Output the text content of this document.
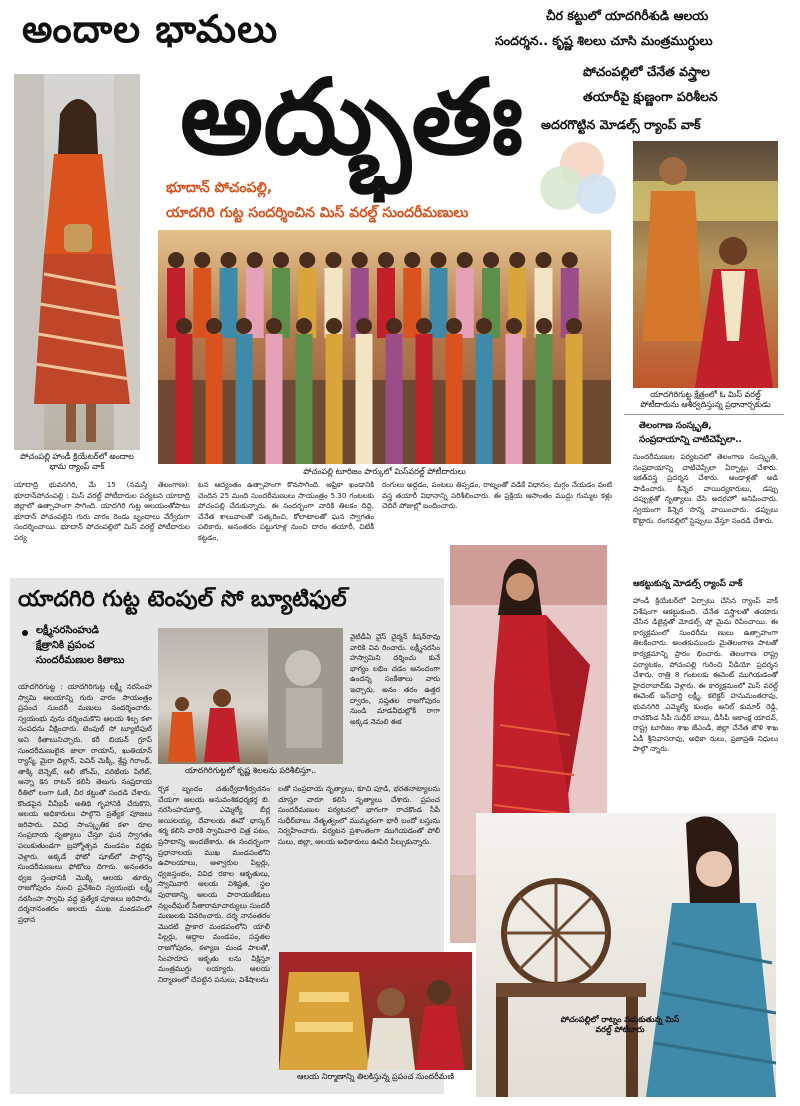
అందాల భామలు
అద్భుతః
భూదాన్ పోచంపల్లి,
యాదగిరి గుట్ట సందర్శించిన మిస్ వరల్డ్ సుందరీమణులు
చీర కట్టులో యాదగిరీశుడి ఆలయ
సందర్శన.. కృష్ణ శిలలు చూసి మంత్రముగ్ధులు
పోచంపల్లిలో చేనేత వస్త్రాల
తయారీపై క్షుణ్ణంగా పరిశీలన
అదరగొట్టిన మోడల్స్ ర్యాంప్ వాక్
పోచంపల్లి హాండీ క్రియేటర్‌లో అందాల భామ ర్యాంప్ వాక్
పోచంపల్లి టూరిజం పార్కులో మిస్‌వరల్డ్ పోటీదారులు
యాదగిరిగుట్ట క్షేత్రంలో ఓ మిస్ వరల్డ్ పోటీదారును ఆశీర్వదిస్తున్న ప్రధానార్చకుడు
యాదాద్రి భువనగిరి, మే 15 (నమస్తే తెలంగాణ): భూదాన్‌పోచంపల్లి : మిస్ వరల్డ్ పోటీదారుల పర్యటన యాదాద్రి జిల్లాలో ఉత్సాహంగా సాగింది. యాదగిరి గుట్ట ఆలయంతోపాటు భూదాన్ పోచంపల్లిని గురు వారం రెండు బృందాలు వేర్వేరుగా సందర్శించాయి. భూదాన్ పోచంపల్లిలో మిస్ వరల్డ్ పోటీదారుల పర్య
టన ఆద్యంతం ఉత్సాహంగా కొనసాగింది. ఆఫ్రికా ఖండానికి చెందిన 25 మంది సుందరీమణులు సాయంత్రం 5.30 గంటలకు పోచంపల్లి చేరుకున్నారు. ఈ సందర్భంగా వారికి తిలకం దిద్ది, చేనేత శాలువాలతో సత్కరించి, కోలాటాలతో ఘన స్వాగతం పలికారు. అనంతరం పట్టుగూళ్ల నుంచి దారం తయారీ, చిటికీ కట్టడం,
రంగులు అద్దడం, పంటలు తిప్పడం, రాట్నంతో వడికే విధానం, మగ్గం నేయడం వంటి వస్త్ర తయారీ విధానాన్ని పరిశీలించారు. ఈ ప్రక్రియ ఆసాంతం ముద్దు గుమ్మల కళ్లు చెదిరే పోజుల్లో బందించారు.
తెలంగాణ సంస్కృతి,
సంప్రదాయాన్ని చాటిచెప్పేలా..
సుందరీమణుల పర్యటనలో తెలంగాణ సంస్కృతి, సంప్రదాయాన్ని చాటిచెప్పేలా ఏర్పాట్లు చేశారు. ఇకత్‌వస్త్ర ప్రదర్శన చేశారు. ఆండాళ్లతో అడి పాడించారు. కిన్నెర వాయిద్యకారులు, డప్పు చప్పుళ్లతో నృత్యాలు చేసి అదరహో అనిపించారు. స్వయంగా కిన్నెర సొన్ని వాయించారు. డప్పులు కొట్టారు. రంగవల్లిలో స్టెప్పులు వేస్తూ సందడి చేశారు.
ఆకట్టుకున్న మోడల్స్ ర్యాంప్ వాక్
హాండీ క్రియేటర్‌లో ఏర్పాటు చేసిన ర్యాంప్ వాక్ విశేషంగా ఆకట్టుకుంది. చేనేత వస్త్రాలతో తయారు చేసిన డిజైన్లతో మోడల్స్ షో మైమ రిపించాయి. ఈ కార్యక్రమంలో సుందరీమ ణులు ఉత్సాహంగా తిలకించారు. అంతకుముందు మైతెలంగాణ పాటతో కార్యక్రమాన్ని ప్రారం భించారు. తెలంగాణ రాష్ట్ర పర్యాటకం, పోచంపల్లి గురించి వీడియో ప్రదర్శన చేశారు. రాత్రి 8 గంటలకు ఈవెంట్ ముగియడంతో హైదరాబాద్‌కు వెళ్లారు. ఈ కార్యక్రమంలో మిస్ వరల్డ్ ఈవెంట్ ఇన్‌చార్జి లక్ష్మీ, కలెక్టర్ హనుమంతరావు, భువనగిరి ఎమ్మెల్యే కుంభం అనిల్ కుమార్ రెడ్డి, రాచకొండ సీపీ సుధీర్ బాబు, డీసీపీ ఆకాంక్ష యాదవ్, రాష్ట్ర టూరిజం శాఖ జేఎండీ, జిల్లా చేనేత జౌళి శాఖ ఏడీ శ్రీనివాసరావు, అధికా రులు, ప్రజాప్రతి నిధులు పాల్గొ న్నారు.
యాదగిరి గుట్ట టెంపుల్ సో బ్యూటిఫుల్
లక్ష్మీనరసింహుడి
క్షేత్రానికి ప్రపంచ
సుందరీమణుల కితాబు
యాదగిరిగుట్ట : యాదగిరిగుట్ట లక్ష్మీ నరసింహ స్వామి ఆలయాన్ని గురు వారం సాయంత్రం ప్రపంచ సుందరీ మణులు సందర్శించారు. స్వయంభు వును దర్శించుకొని ఆలయ శిల్ప కళా సంపదను వీక్షించారు. టెంపుల్ సో బ్యూటిఫుల్ అని కితాబునిచ్చారు. కరీ బియన్ గ్రూప్ సుందరీమణులైన జాలా రాయాస్, ఖుతియాన్ ర్యాస్మ్, మైరా దిల్లాన్, పెవిన్ మెక్కీ, శ్రేష్ట గిరాండ్, తాక్కి బెన్నెట్, ఆలీ జోంమ్, వరిటియ పిలేట్, ఆన్నా కెన రాటన్ కలిసి తెలుగు సంప్రదాయ రీతిలో లంగా ఓణీ, చీర కట్టుతో సందడి చేశారు. కొండపైన వీవీఐపీ అతిథి గృహానికి చేరుకొని, ఆలయ అధికారులు పాల్గొని ప్రత్యేక పూజలు జరిపారు. వివిధ సాంస్కృతిక కళా రూల సంప్రదాయ నృత్యాలు చేస్తూ ఘన స్వాగతం పలుకుతుండగా బ్రహ్మోత్సవ మండపం వద్దకు వెళ్లారు. అక్కడే ఫోటో షూట్‌లో పాల్గొన్న సుందరీమణులు ఫోటోలు దిగారు. అనంతరం ధ్వజ స్తంభానికి మొక్కి ఆలయ తూర్పు రాజగోపురం నుంచి ప్రవేశించి స్వయంభు లక్ష్మీ నరసింహ స్వామి వద్ద ప్రత్యేక పూజలు జరిపారు. దర్శనానంతరం ఆలయ ముఖ మండపంలో ప్రధాన
యాదగిరిగుట్టలో కృష్ణ శిలలను పరిశీలిస్తూ..
వైటిడీఏ వైస్ చైర్మన్ కిషన్‌రావు వారికి వివ రించారు. లక్ష్మీనరసిం హస్వామిని దర్శించు కునే భాగ్యం లభిం చడం ఆనందంగా ఉందన్న సంకేతాలు వారు ఇచ్చారు. అనం తరం ఉత్తర ద్వారం, సప్తతల రాజగోపురం నుండి మాడవీధుల్లోకి రాగా అక్కడ నెమలి ఈక
ర్చక బృందం చతుర్వేదాశీర్వచనం చేయగా ఆలయ అనువంశికధర్మకర్త బి. నరసింహమూర్తి, ఎమ్మెల్యే బీర్ల అయిలయ్య, దేవాలయ ఈవో భాస్కర్ శర్మ కలిసి వారికి స్వామివారి చిత్ర పటం, ప్రసాదాన్ని అందజేశారు. ఈ సందర్భంగా ప్రధానాలయ ముఖ మండపంలోని ఉపాలయాలు, ఆళ్వారుల పిల్లర్లు, ధ్వజస్తంభం, వివిధ రకాల ఆకృతులు, స్వామివారి ఆలయ విశిష్టత, స్థల పురాణాన్ని ఆలయ పారాయణీకులు నల్లందీఘల్ సీతారామాచార్యులు సుందరీ మణులకు వివరించారు. దర్శ నానంతరం మొదటి ప్రాకార మండపంలోని యాలీ పిల్లర్లు, ఆద్దాల మండపం, సప్తతల రాజగోపురం, కళ్యాణ మండ పాలతో, సింహరూప ఆకృతు లను వీక్షిస్తూ మంత్రముగ్ధు లయ్యారు. ఆలయ నిర్మాణంలో చేపట్టిన పనులు, విశేషాలను
లతో సంప్రదాయ నృత్యాలు, కూచి పూడి, భరతనాట్యాలను చూస్తూ వారూ కలిసి నృత్యాలు చేశారు. ప్రపంచ సుందరీమణుల పర్యటనలో భాగంగా రాచకొండ సీపీ సుధీర్‌బాబు నేతృత్వంలో ముమ్మరంగా భారీ బందో బస్తును నిర్వహించారు. పర్యటన ప్రశాంతంగా ముగియడంతో పోలీ సులు, జిల్లా, ఆలయ అధికారులు ఊపిరి పీల్చుకున్నారు.
ఆలయ నిర్మాణాన్ని తిలకిస్తున్న ప్రపంచ సుందరీమణి
పోచంపల్లిలో రాట్నం వడుకుతున్న మిస్ వరల్డ్ పోటీదారు
